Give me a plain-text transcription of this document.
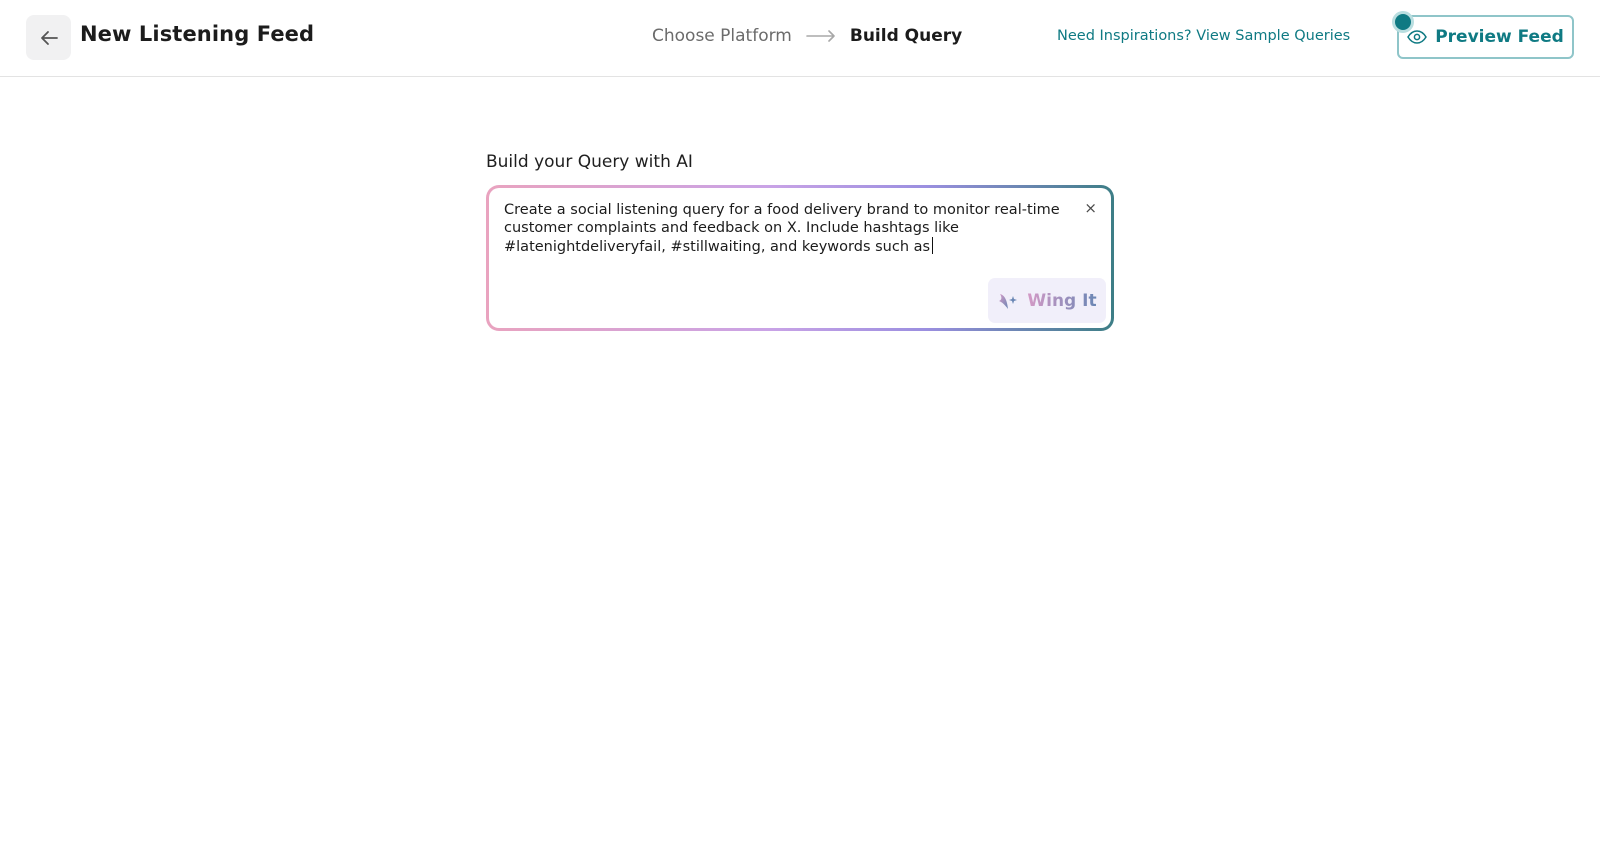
New Listening Feed	Choose Platform	Build Query	Need Inspirations? View Sample Queries	Preview Feed
Build your Query with AI
Create a social listening query for a food delivery brand to monitor real-time
customer complaints and feedback on X. Include hashtags like
#latenightdeliveryfail, #stillwaiting, and keywords such as
×
Wing It
